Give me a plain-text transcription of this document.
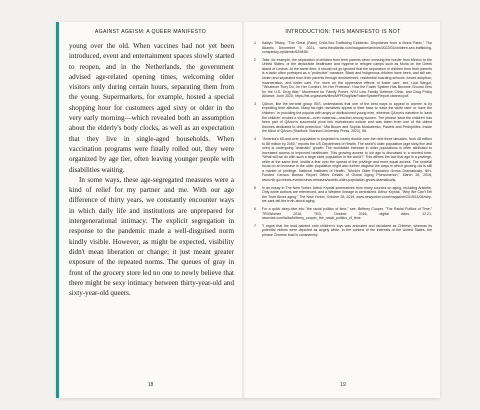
AGAINST AGEISM: A QUEER MANIFESTO

young over the old. When vaccines had not yet been introduced, event and entertainment spaces slowly started to reopen, and in the Netherlands, the government advised age-related opening times, welcoming older visitors only during certain hours, separating them from the young. Supermarkets, for example, hosted a special shopping hour for customers aged sixty or older in the very early morning—which revealed both an assumption about the elderly's body clocks, as well as an expectation that they live in single-aged households. When vaccination programs were finally rolled out, they were organized by age tier, often leaving younger people with disabilities waiting.

In some ways, these age-segregated measures were a kind of relief for my partner and me. With our age difference of thirty years, we constantly encounter ways in which daily life and institutions are unprepared for intergenerational intimacy. The explicit segregation in response to the pandemic made a well-disguised norm kindly visible. However, as might be expected, visibility didn't mean liberation or change; it just meant greater exposure of the repeated norms. The queues of gray in front of the grocery store led no one to newly believe that there might be sexy intimacy between thirty-year-old and sixty-year-old queers.

18
INTRODUCTION: THIS MANIFESTO IS NOT
1	Kaitlyn Tiffany, "The Great (Fake) Child-Sex-Trafficking Epidemic: Disputches from a Moral Panic," The Atlantic, December 9, 2021, www.theatlantic.com/magazine/archive/2022/01/children-sex-trafficking-conspiracy-epidemic/620845/.
2	Take, for example, the separation of children from their parents when crossing the border from Mexico to the United States, or the deplorable healthcare and hygiene in refugee camps such as Moria on the Greek island of Lesbos. At the same time, it should not go ignored that the separation of children from their parents is a tactic often portrayed as a "protective" measure. Black and Indigenous children have been, and still are, stolen and separated from their parents through enslavement, residential boarding schools, forced adoption, incarceration, and foster care. For more on the oppressive effects of foster care, see, Lisa Sangoi, "'Whatever They Do, I'm Her Comfort, I'm Her Protector': How the Foster System Has Become Ground Zero for the U.S. Drug War," Movement for Family Power, NYU Law Family Defense Clinic, and Drug Policy Alliance, June 2020, https://bit.org/assets/files/MFPDrugWarFosterSystemReport.cleaned.pdf.
3	QAnon, like the terrorist group ISIS, understands that one of the best ways to appeal to women is by exploiting their altruism. Many far-right narratives appeal in their base to 'save the white race' or 'save the children.' In providing the popular with angry or disillusioned young men, whereas QAnon's narrative to 'save the children' evokes a visceral—even maternal—reaction among women. The phrase 'save the children' has been part of QAnon's successful pivot into mainstream culture and was taken from one of the oldest theories dedicated to child protection." Mia Bloom and Sophia Moskalenko, Pastels and Pedophiles: Inside the Mind of QAnon (Stanford: Stanford University Press, 2021), 56.
4	"America's 65-and-over population is projected to nearly double over the next three decades, from 48 million to 88 million by 2050," reports the US Department of Health. The world's older population (age sixty-five and over) is undergoing "dramatic" growth. The worldwide increase in older populations is often attributed to increased access to improved healthcare. This growing access to old age is discussed in a worried tone: "What will we do with such a large older population in the world?" This affirms the fact that age is a privilege, while at the same time, instills a fear over the spread of the privilege and more equal access. The societal focus on an increase in the older population might also further disguise the ways in which growing old is still a marker of privilege. National Institutes of Health, "World's Older Population Grows Dramatically: NIH-Funded Census Bureau Report Offers Details of Global Aging Phenomenon," March 28, 2016, www.nih.gov/news-events/news-releases/worlds-older-population-grows-dramatically.
5	In an essay in The New Yorker, Arthur Krystal summarizes from many sources on aging, including Aristotle. Only white authors are referenced, and a Western lineage is centralized. Arthur Krystal, "Why We Can't Tell the Truth About aging," The New Yorker, October 28, 2019, www.newyorker.com/magazine/2019/11/04/why-we-cant-tell-the-truth-about-aging.
6	For a quick deep-dive into "the racial politics of time," see, Brittney Cooper, "The Racial Politics of Time," TEDWomen 2016, TED, October 2016, digital video, 12:21, www.ted.com/talks/brittney_cooper_the_racial_politics_of_time.
7	"I argue that the lead painted onto children's toys was animated and racialized as Chinese, whereas its potential victims were depicted as largely white. In the context of the interests of the United States, the phrase Chinese lead is consistently
19
